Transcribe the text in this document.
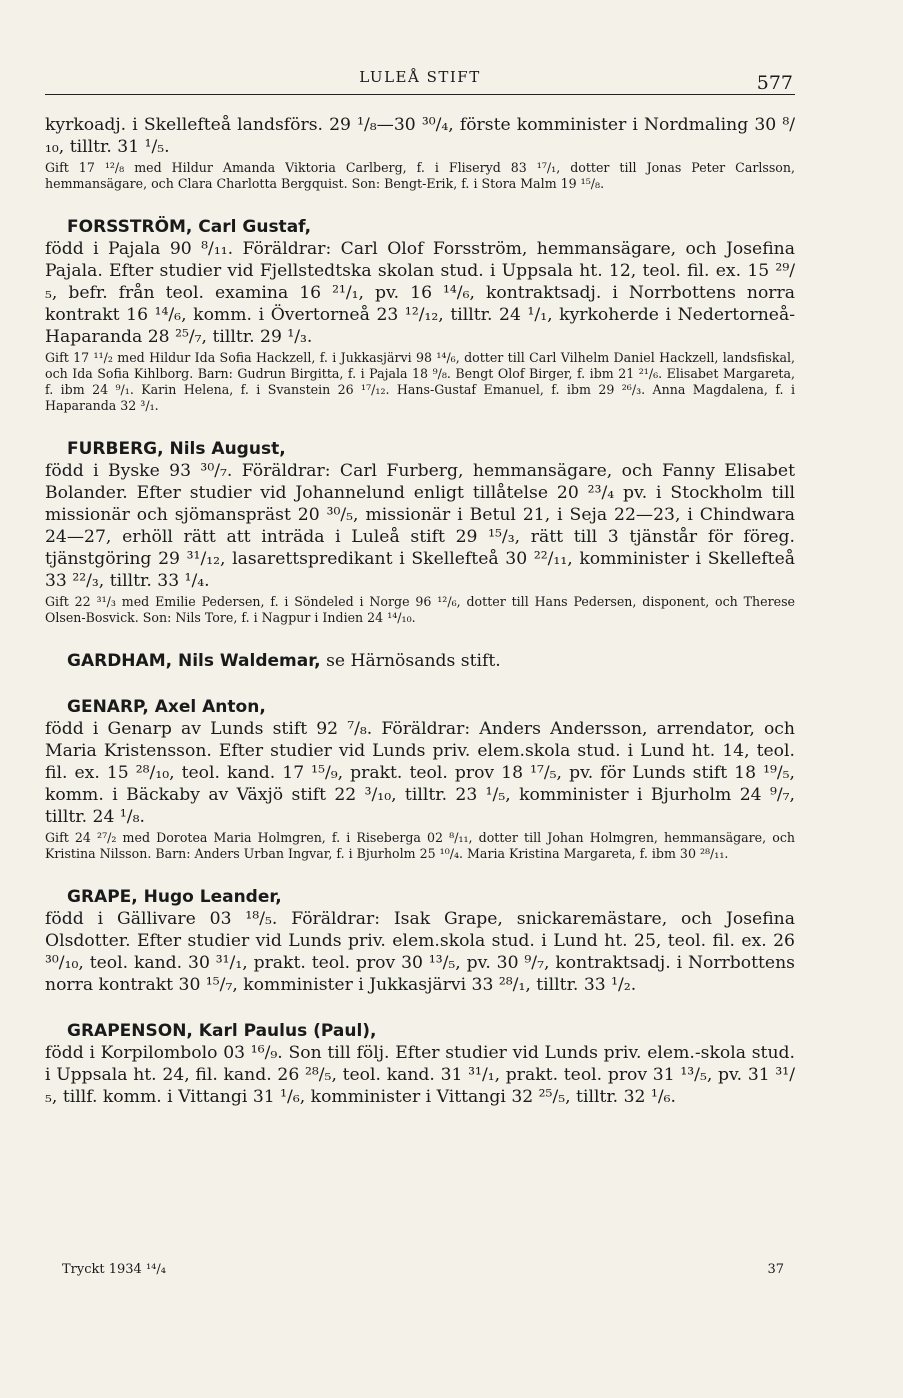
LULEÅ STIFT	577

kyrkoadj. i Skellefteå landsförs. 29 ¹/₈—30 ³⁰/₄, förste komminister i Nordmaling 30 ⁸/₁₀, tilltr. 31 ¹/₅.

Gift 17 ¹²/₈ med Hildur Amanda Viktoria Carlberg, f. i Fliseryd 83 ¹⁷/₁, dotter till Jonas Peter Carlsson, hemmansägare, och Clara Charlotta Bergquist. Son: Bengt-Erik, f. i Stora Malm 19 ¹⁵/₈.

FORSSTRÖM, Carl Gustaf,

född i Pajala 90 ⁸/₁₁. Föräldrar: Carl Olof Forsström, hemmansägare, och Josefina Pajala. Efter studier vid Fjellstedtska skolan stud. i Uppsala ht. 12, teol. fil. ex. 15 ²⁹/₅, befr. från teol. examina 16 ²¹/₁, pv. 16 ¹⁴/₆, kontraktsadj. i Norrbottens norra kontrakt 16 ¹⁴/₆, komm. i Övertorneå 23 ¹²/₁₂, tilltr. 24 ¹/₁, kyrkoherde i Nedertorneå-Haparanda 28 ²⁵/₇, tilltr. 29 ¹/₃.

Gift 17 ¹¹/₂ med Hildur Ida Sofia Hackzell, f. i Jukkasjärvi 98 ¹⁴/₆, dotter till Carl Vilhelm Daniel Hackzell, landsfiskal, och Ida Sofia Kihlborg. Barn: Gudrun Birgitta, f. i Pajala 18 ⁹/₈. Bengt Olof Birger, f. ibm 21 ²¹/₆. Elisabet Margareta, f. ibm 24 ⁹/₁. Karin Helena, f. i Svanstein 26 ¹⁷/₁₂. Hans-Gustaf Emanuel, f. ibm 29 ²⁶/₃. Anna Magdalena, f. i Haparanda 32 ³/₁.

FURBERG, Nils August,

född i Byske 93 ³⁰/₇. Föräldrar: Carl Furberg, hemmansägare, och Fanny Elisabet Bolander. Efter studier vid Johannelund enligt tillåtelse 20 ²³/₄ pv. i Stockholm till missionär och sjömanspräst 20 ³⁰/₅, missionär i Betul 21, i Seja 22—23, i Chindwara 24—27, erhöll rätt att inträda i Luleå stift 29 ¹⁵/₃, rätt till 3 tjänstår för föreg. tjänstgöring 29 ³¹/₁₂, lasarettspredikant i Skellefteå 30 ²²/₁₁, komminister i Skellefteå 33 ²²/₃, tilltr. 33 ¹/₄.

Gift 22 ³¹/₃ med Emilie Pedersen, f. i Söndeled i Norge 96 ¹²/₆, dotter till Hans Pedersen, disponent, och Therese Olsen-Bosvick. Son: Nils Tore, f. i Nagpur i Indien 24 ¹⁴/₁₀.

GARDHAM, Nils Waldemar, se Härnösands stift.

GENARP, Axel Anton,

född i Genarp av Lunds stift 92 ⁷/₈. Föräldrar: Anders Andersson, arrendator, och Maria Kristensson. Efter studier vid Lunds priv. elem.skola stud. i Lund ht. 14, teol. fil. ex. 15 ²⁸/₁₀, teol. kand. 17 ¹⁵/₉, prakt. teol. prov 18 ¹⁷/₅, pv. för Lunds stift 18 ¹⁹/₅, komm. i Bäckaby av Växjö stift 22 ³/₁₀, tilltr. 23 ¹/₅, komminister i Bjurholm 24 ⁹/₇, tilltr. 24 ¹/₈.

Gift 24 ²⁷/₂ med Dorotea Maria Holmgren, f. i Riseberga 02 ⁸/₁₁, dotter till Johan Holmgren, hemmansägare, och Kristina Nilsson. Barn: Anders Urban Ingvar, f. i Bjurholm 25 ¹⁰/₄. Maria Kristina Margareta, f. ibm 30 ²⁸/₁₁.

GRAPE, Hugo Leander,

född i Gällivare 03 ¹⁸/₅. Föräldrar: Isak Grape, snickaremästare, och Josefina Olsdotter. Efter studier vid Lunds priv. elem.skola stud. i Lund ht. 25, teol. fil. ex. 26 ³⁰/₁₀, teol. kand. 30 ³¹/₁, prakt. teol. prov 30 ¹³/₅, pv. 30 ⁹/₇, kontraktsadj. i Norrbottens norra kontrakt 30 ¹⁵/₇, komminister i Jukkasjärvi 33 ²⁸/₁, tilltr. 33 ¹/₂.

GRAPENSON, Karl Paulus (Paul),

född i Korpilombolo 03 ¹⁶/₉. Son till följ. Efter studier vid Lunds priv. elem.-skola stud. i Uppsala ht. 24, fil. kand. 26 ²⁸/₅, teol. kand. 31 ³¹/₁, prakt. teol. prov 31 ¹³/₅, pv. 31 ³¹/₅, tillf. komm. i Vittangi 31 ¹/₆, komminister i Vittangi 32 ²⁵/₅, tilltr. 32 ¹/₆.

Tryckt 1934 ¹⁴/₄	37
